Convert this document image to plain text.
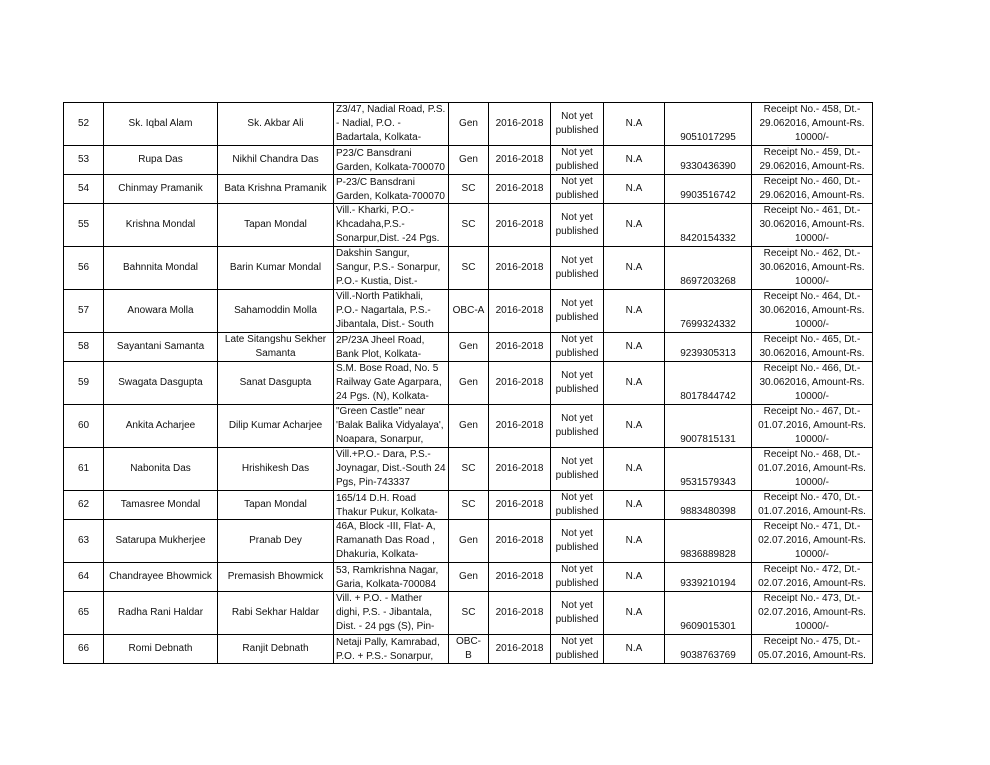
52	Sk. Iqbal Alam	Sk. Akbar Ali	Z3/47, Nadial Road, P.S. - Nadial, P.O. - Badartala, Kolkata-	Gen	2016-2018	Not yet published	N.A	9051017295	Receipt No.- 458, Dt.- 29.062016, Amount-Rs. 10000/-
53	Rupa Das	Nikhil Chandra Das	P23/C Bansdrani Garden, Kolkata-700070	Gen	2016-2018	Not yet published	N.A	9330436390	Receipt No.- 459, Dt.- 29.062016, Amount-Rs.
54	Chinmay Pramanik	Bata Krishna Pramanik	P-23/C Bansdrani Garden, Kolkata-700070	SC	2016-2018	Not yet published	N.A	9903516742	Receipt No.- 460, Dt.- 29.062016, Amount-Rs.
55	Krishna Mondal	Tapan Mondal	Vill.- Kharki, P.O.- Khcadaha,P.S.- Sonarpur,Dist. -24 Pgs.	SC	2016-2018	Not yet published	N.A	8420154332	Receipt No.- 461, Dt.- 30.062016, Amount-Rs. 10000/-
56	Bahnnita Mondal	Barin Kumar Mondal	Dakshin Sangur, Sangur, P.S.- Sonarpur, P.O.- Kustia, Dist.-	SC	2016-2018	Not yet published	N.A	8697203268	Receipt No.- 462, Dt.- 30.062016, Amount-Rs. 10000/-
57	Anowara Molla	Sahamoddin Molla	Vill.-North Patikhali, P.O.- Nagartala, P.S.-Jibantala, Dist.- South	OBC-A	2016-2018	Not yet published	N.A	7699324332	Receipt No.- 464, Dt.- 30.062016, Amount-Rs. 10000/-
58	Sayantani Samanta	Late Sitangshu Sekher Samanta	2P/23A Jheel Road, Bank Plot, Kolkata-	Gen	2016-2018	Not yet published	N.A	9239305313	Receipt No.- 465, Dt.- 30.062016, Amount-Rs.
59	Swagata Dasgupta	Sanat Dasgupta	S.M. Bose Road, No. 5 Railway Gate Agarpara, 24 Pgs. (N), Kolkata-	Gen	2016-2018	Not yet published	N.A	8017844742	Receipt No.- 466, Dt.- 30.062016, Amount-Rs. 10000/-
60	Ankita Acharjee	Dilip Kumar Acharjee	"Green Castle" near 'Balak Balika Vidyalaya', Noapara, Sonarpur,	Gen	2016-2018	Not yet published	N.A	9007815131	Receipt No.- 467, Dt.- 01.07.2016, Amount-Rs. 10000/-
61	Nabonita Das	Hrishikesh Das	Vill.+P.O.- Dara, P.S.- Joynagar, Dist.-South 24 Pgs, Pin-743337	SC	2016-2018	Not yet published	N.A	9531579343	Receipt No.- 468, Dt.- 01.07.2016, Amount-Rs. 10000/-
62	Tamasree Mondal	Tapan Mondal	165/14 D.H. Road Thakur Pukur, Kolkata-	SC	2016-2018	Not yet published	N.A	9883480398	Receipt No.- 470, Dt.- 01.07.2016, Amount-Rs.
63	Satarupa Mukherjee	Pranab Dey	46A, Block -III, Flat- A, Ramanath Das Road , Dhakuria, Kolkata-	Gen	2016-2018	Not yet published	N.A	9836889828	Receipt No.- 471, Dt.- 02.07.2016, Amount-Rs. 10000/-
64	Chandrayee Bhowmick	Premasish Bhowmick	53, Ramkrishna Nagar, Garia, Kolkata-700084	Gen	2016-2018	Not yet published	N.A	9339210194	Receipt No.- 472, Dt.- 02.07.2016, Amount-Rs.
65	Radha Rani Haldar	Rabi Sekhar Haldar	Vill. + P.O. - Mather dighi, P.S. - Jibantala, Dist. - 24 pgs (S), Pin-	SC	2016-2018	Not yet published	N.A	9609015301	Receipt No.- 473, Dt.- 02.07.2016, Amount-Rs. 10000/-
66	Romi Debnath	Ranjit Debnath	Netaji Pally, Kamrabad, P.O. + P.S.- Sonarpur,	OBC- B	2016-2018	Not yet published	N.A	9038763769	Receipt No.- 475, Dt.- 05.07.2016, Amount-Rs.
